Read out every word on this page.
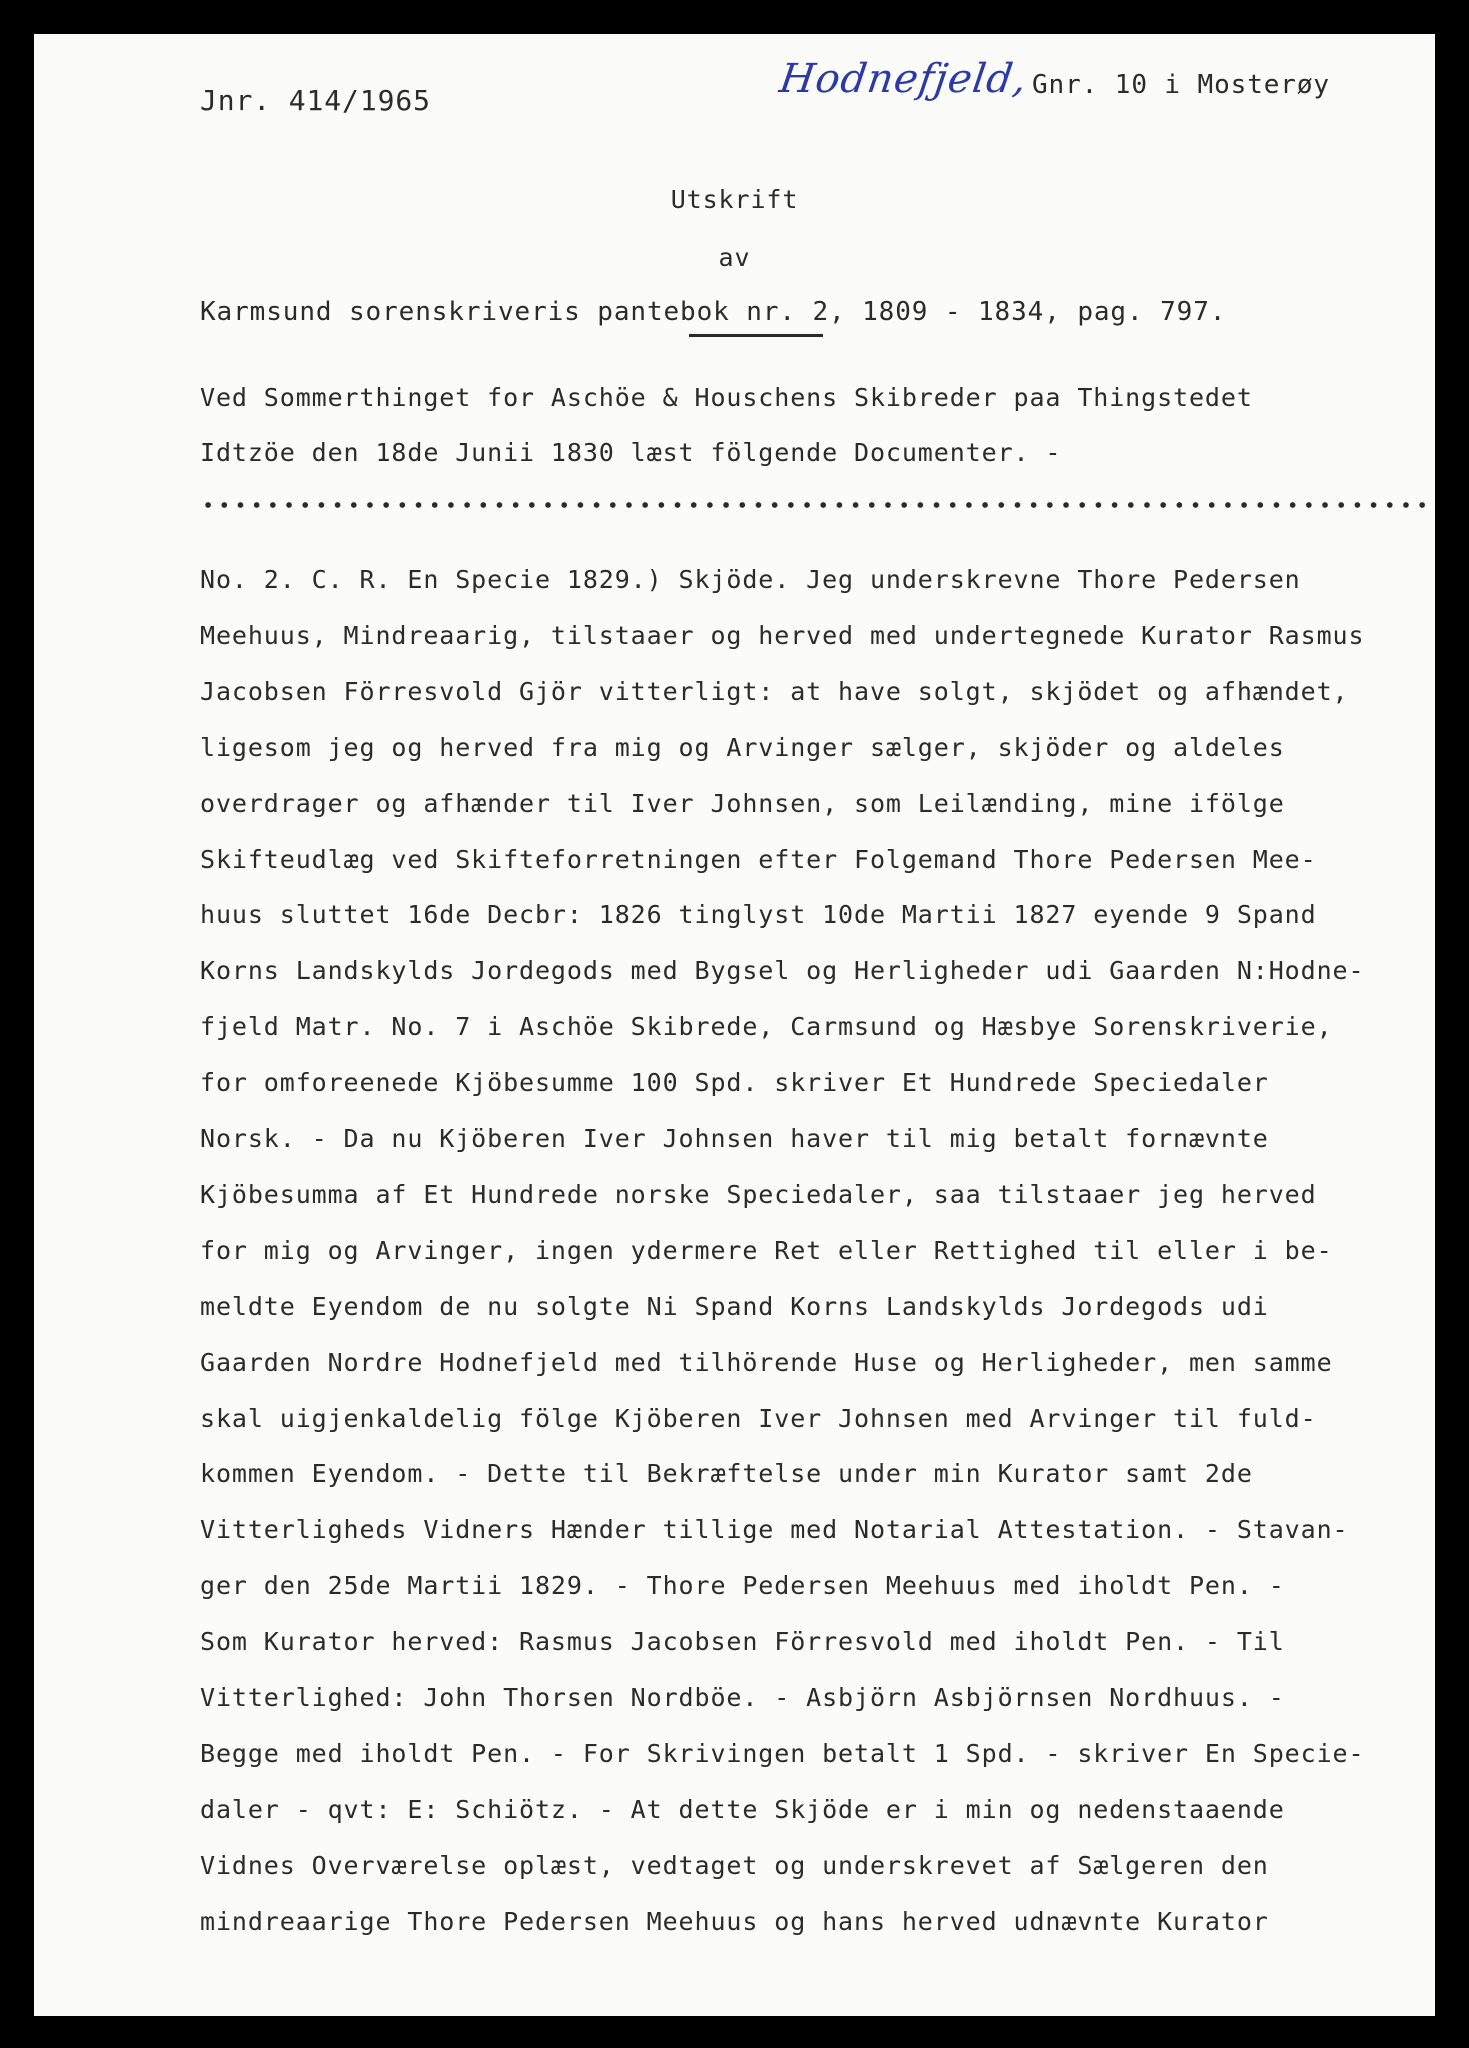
Jnr. 414/1965	Hodnefjeld, Gnr. 10 i Mosterøy
Utskrift
av
Karmsund sorenskriveris pantebok nr. 2, 1809 - 1834, pag. 797.
Ved Sommerthinget for Aschöe & Houschens Skibreder paa Thingstedet
Idtzöe den 18de Junii 1830 læst fölgende Documenter. -
No. 2. C. R. En Specie 1829.) Skjöde. Jeg underskrevne Thore Pedersen
Meehuus, Mindreaarig, tilstaaer og herved med undertegnede Kurator Rasmus
Jacobsen Förresvold Gjör vitterligt: at have solgt, skjödet og afhændet,
ligesom jeg og herved fra mig og Arvinger sælger, skjöder og aldeles
overdrager og afhænder til Iver Johnsen, som Leilænding, mine ifölge
Skifteudlæg ved Skifteforretningen efter Folgemand Thore Pedersen Mee-
huus sluttet 16de Decbr: 1826 tinglyst 10de Martii 1827 eyende 9 Spand
Korns Landskylds Jordegods med Bygsel og Herligheder udi Gaarden N:Hodne-
fjeld Matr. No. 7 i Aschöe Skibrede, Carmsund og Hæsbye Sorenskriverie,
for omforeenede Kjöbesumme 100 Spd. skriver Et Hundrede Speciedaler
Norsk. - Da nu Kjöberen Iver Johnsen haver til mig betalt fornævnte
Kjöbesumma af Et Hundrede norske Speciedaler, saa tilstaaer jeg herved
for mig og Arvinger, ingen ydermere Ret eller Rettighed til eller i be-
meldte Eyendom de nu solgte Ni Spand Korns Landskylds Jordegods udi
Gaarden Nordre Hodnefjeld med tilhörende Huse og Herligheder, men samme
skal uigjenkaldelig fölge Kjöberen Iver Johnsen med Arvinger til fuld-
kommen Eyendom. - Dette til Bekræftelse under min Kurator samt 2de
Vitterligheds Vidners Hænder tillige med Notarial Attestation. - Stavan-
ger den 25de Martii 1829. - Thore Pedersen Meehuus med iholdt Pen. -
Som Kurator herved: Rasmus Jacobsen Förresvold med iholdt Pen. - Til
Vitterlighed: John Thorsen Nordböe. - Asbjörn Asbjörnsen Nordhuus. -
Begge med iholdt Pen. - For Skrivingen betalt 1 Spd. - skriver En Specie-
daler - qvt: E: Schiötz. - At dette Skjöde er i min og nedenstaaende
Vidnes Overværelse oplæst, vedtaget og underskrevet af Sælgeren den
mindreaarige Thore Pedersen Meehuus og hans herved udnævnte Kurator
